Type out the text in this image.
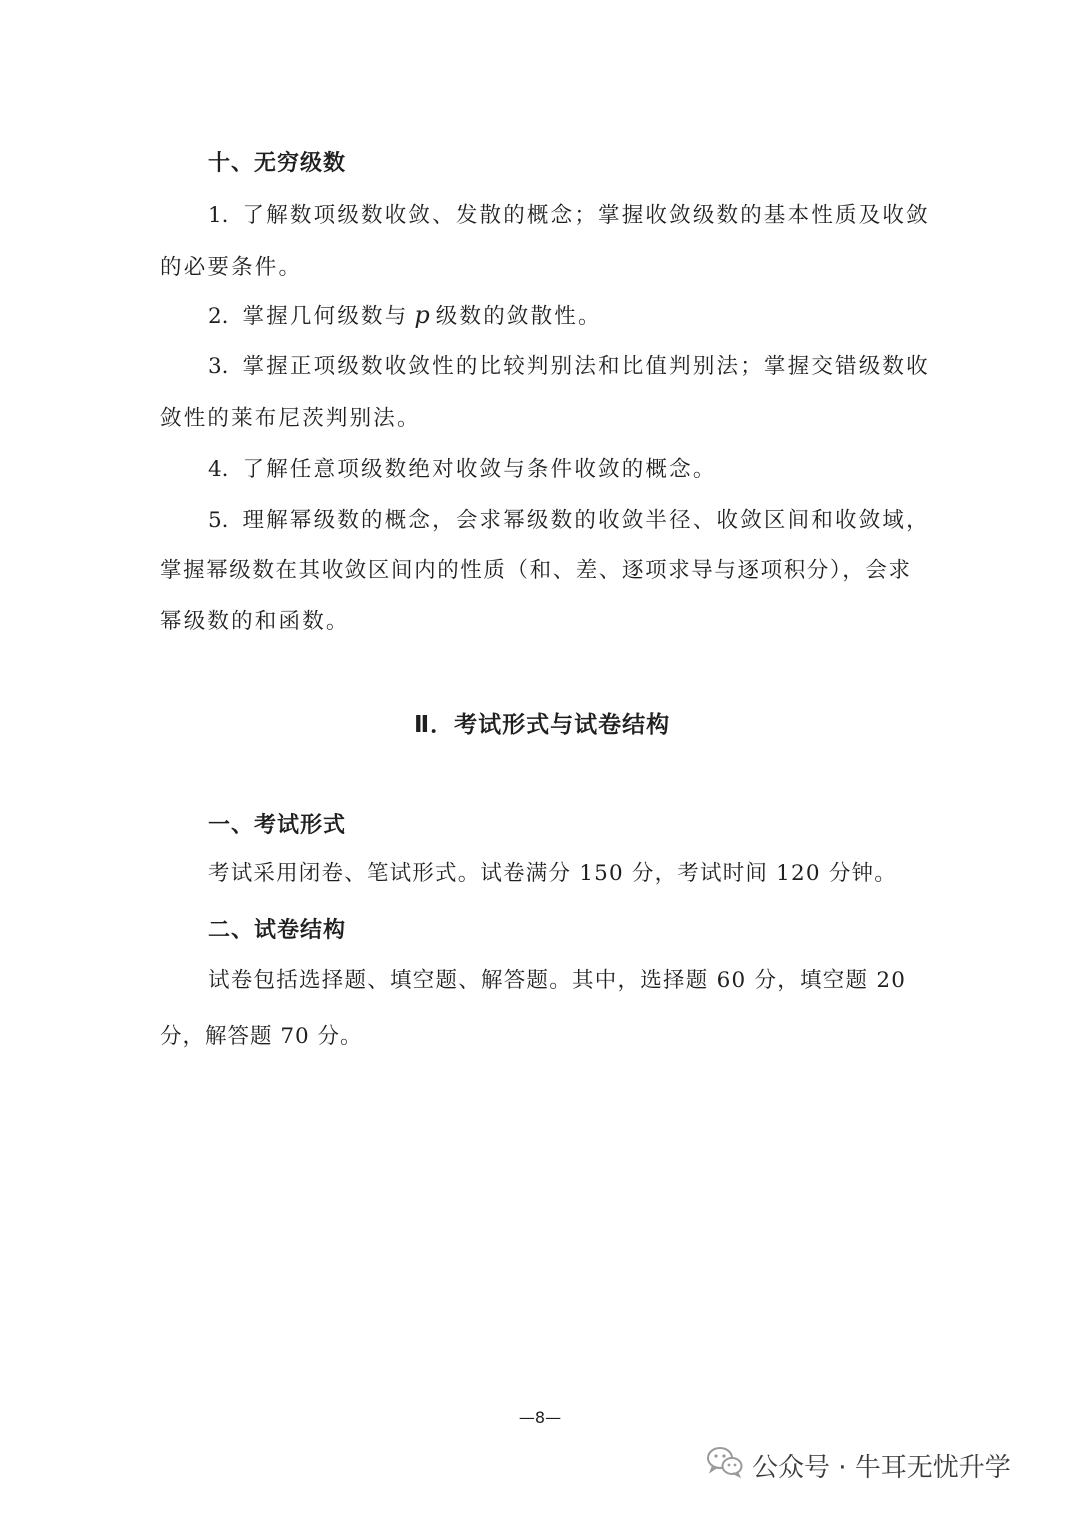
十、无穷级数
1. 了解数项级数收敛、发散的概念；掌握收敛级数的基本性质及收敛
的必要条件。
2. 掌握几何级数与 p 级数的敛散性。
3. 掌握正项级数收敛性的比较判别法和比值判别法；掌握交错级数收
敛性的莱布尼茨判别法。
4. 了解任意项级数绝对收敛与条件收敛的概念。
5. 理解幂级数的概念，会求幂级数的收敛半径、收敛区间和收敛域，
掌握幂级数在其收敛区间内的性质（和、差、逐项求导与逐项积分），会求
幂级数的和函数。
Ⅱ．考试形式与试卷结构
一、考试形式
考试采用闭卷、笔试形式。试卷满分 150 分，考试时间 120 分钟。
二、试卷结构
试卷包括选择题、填空题、解答题。其中，选择题 60 分，填空题 20
分，解答题 70 分。
—8—
公众号 · 牛耳无忧升学
